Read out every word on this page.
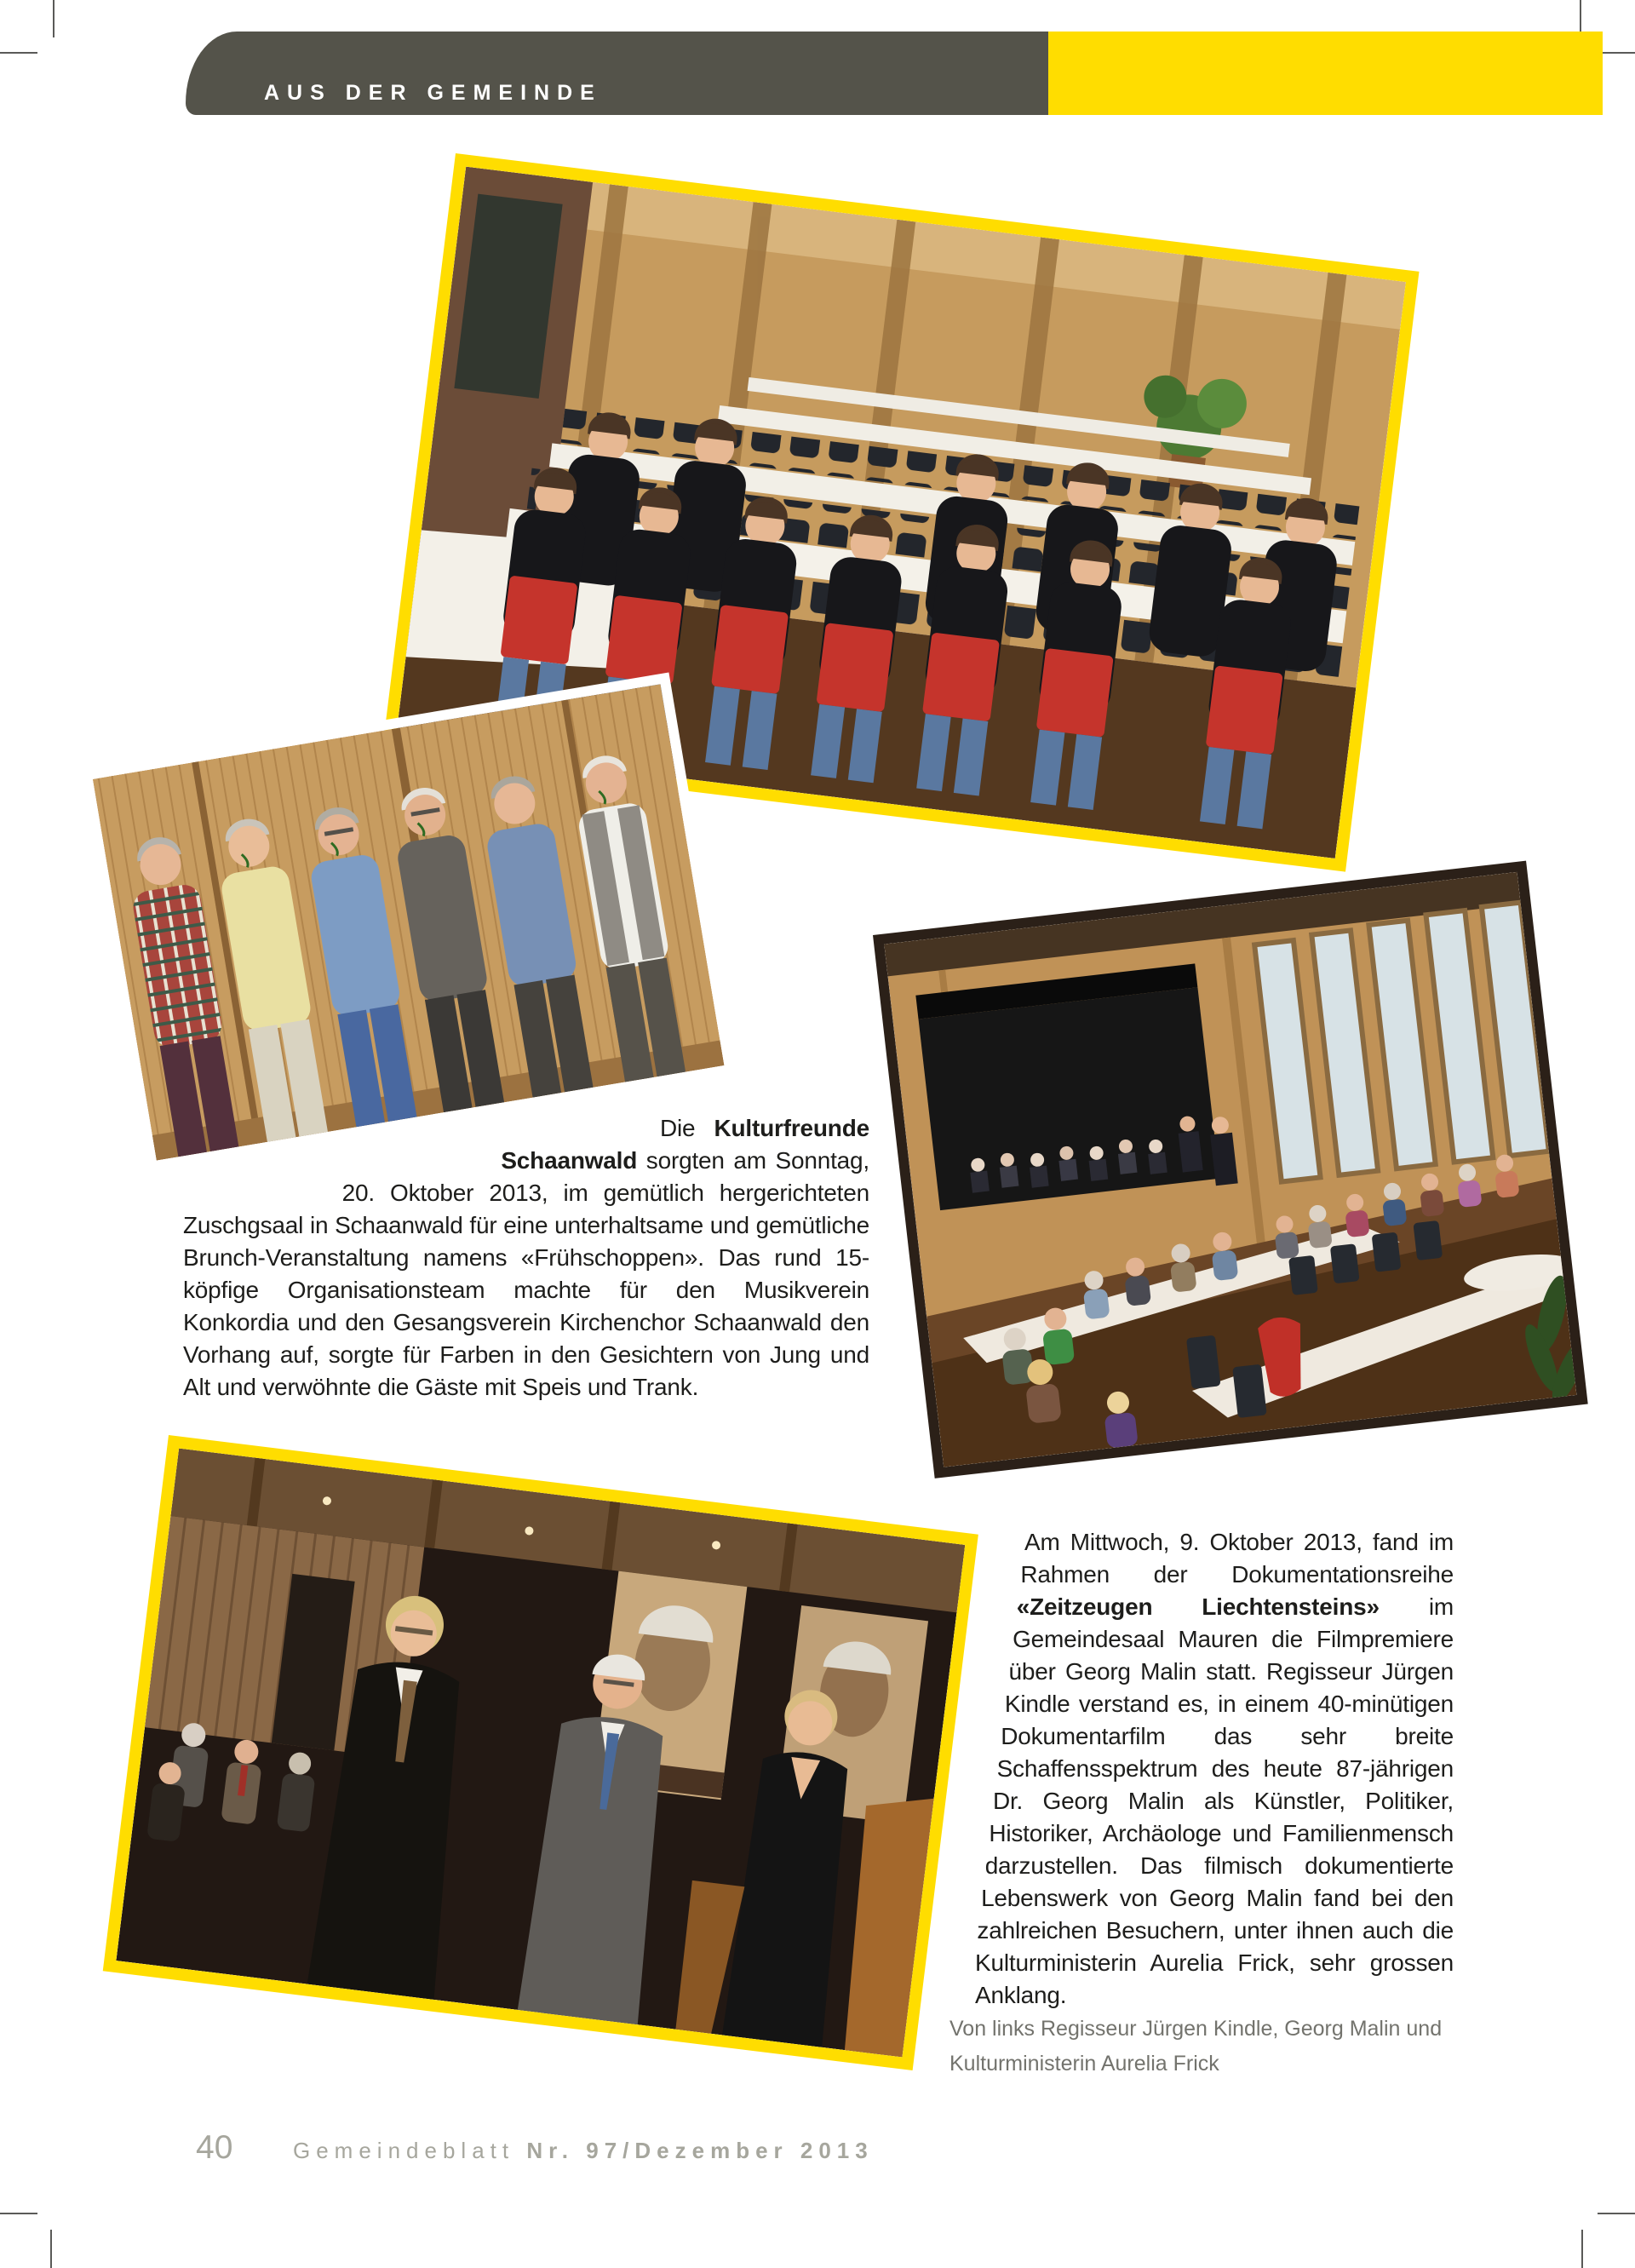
AUS DER GEMEINDE
Die Kulturfreunde Schaanwald sorgten am Sonntag, 20. Oktober 2013, im gemütlich hergerichteten Zuschgsaal in Schaanwald für eine unterhaltsame und gemütliche Brunch-Veranstaltung namens «Frühschoppen». Das rund 15-köpfige Organisationsteam machte für den Musikverein Konkordia und den Gesangsverein Kirchenchor Schaanwald den Vorhang auf, sorgte für Farben in den Gesichtern von Jung und Alt und verwöhnte die Gäste mit Speis und Trank.
Am Mittwoch, 9. Oktober 2013, fand im Rahmen der Dokumentationsreihe «Zeitzeugen Liechtensteins» im Gemeindesaal Mauren die Filmpremiere über Georg Malin statt. Regisseur Jürgen Kindle verstand es, in einem 40-minütigen Dokumentarfilm das sehr breite Schaffensspektrum des heute 87-jährigen Dr. Georg Malin als Künstler, Politiker, Historiker, Archäologe und Familienmensch darzustellen. Das filmisch dokumentierte Lebenswerk von Georg Malin fand bei den zahlreichen Besuchern, unter ihnen auch die Kulturministerin Aurelia Frick, sehr grossen Anklang.
Von links Regisseur Jürgen Kindle, Georg Malin und Kulturministerin Aurelia Frick
40	Gemeindeblatt Nr. 97/Dezember 2013
